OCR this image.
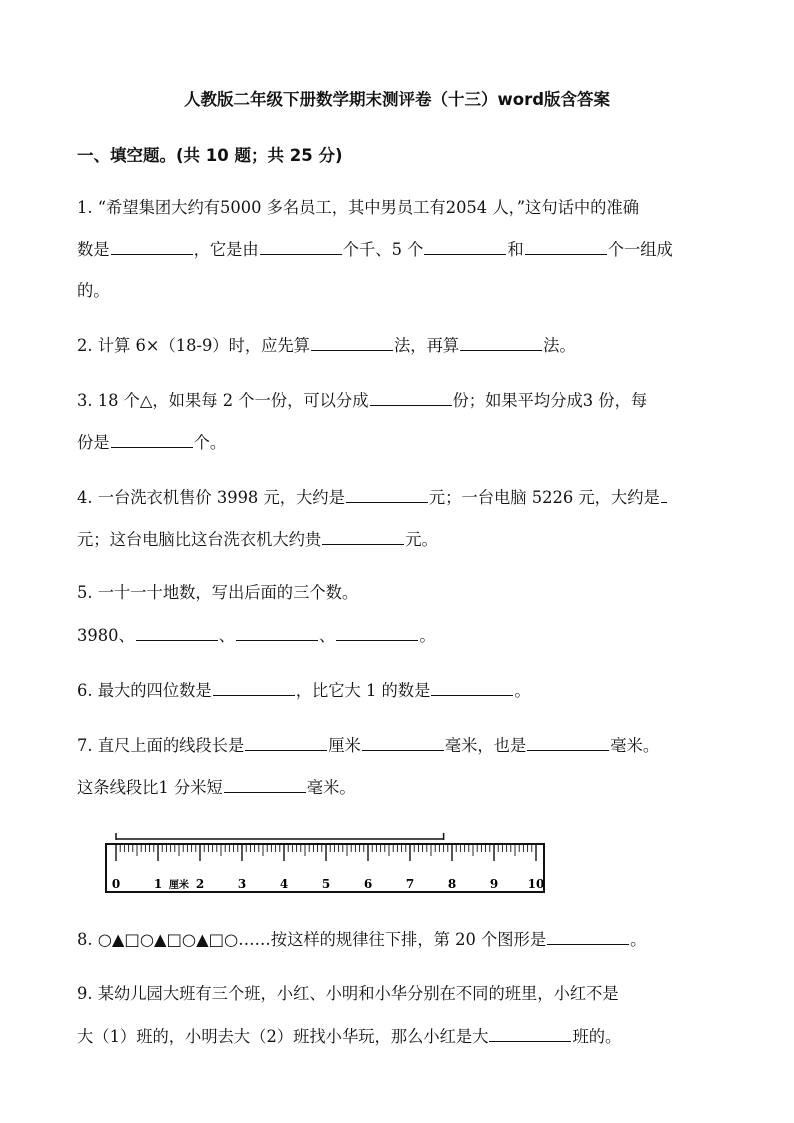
人教版二年级下册数学期末测评卷（十三）word版含答案
一、填空题。(共 10 题；共 25 分)
1. “希望集团大约有5000 多名员工，其中男员工有2054 人，”这句话中的准确
数是	，它是由	个千、5 个	和	个一组成
的。
2. 计算 6×（18-9）时，应先算	法，再算	法。
3. 18 个△，如果每 2 个一份，可以分成	份；如果平均分成3 份，每
份是	个。
4. 一台洗衣机售价 3998 元，大约是	元；一台电脑 5226 元，大约是
元；这台电脑比这台洗衣机大约贵	元。
5. 一十一十地数，写出后面的三个数。
3980、	、	、	。
6. 最大的四位数是	，比它大 1 的数是	。
7. 直尺上面的线段长是	厘米	毫米，也是	毫米。
这条线段比1 分米短	毫米。
0	1	2	3	4	5	6	7	8	9 10
厘米
8. ○▲□○▲□○▲□○……按这样的规律往下排，第 20 个图形是	。
9. 某幼儿园大班有三个班，小红、小明和小华分别在不同的班里，小红不是
大（1）班的，小明去大（2）班找小华玩，那么小红是大	班的。
